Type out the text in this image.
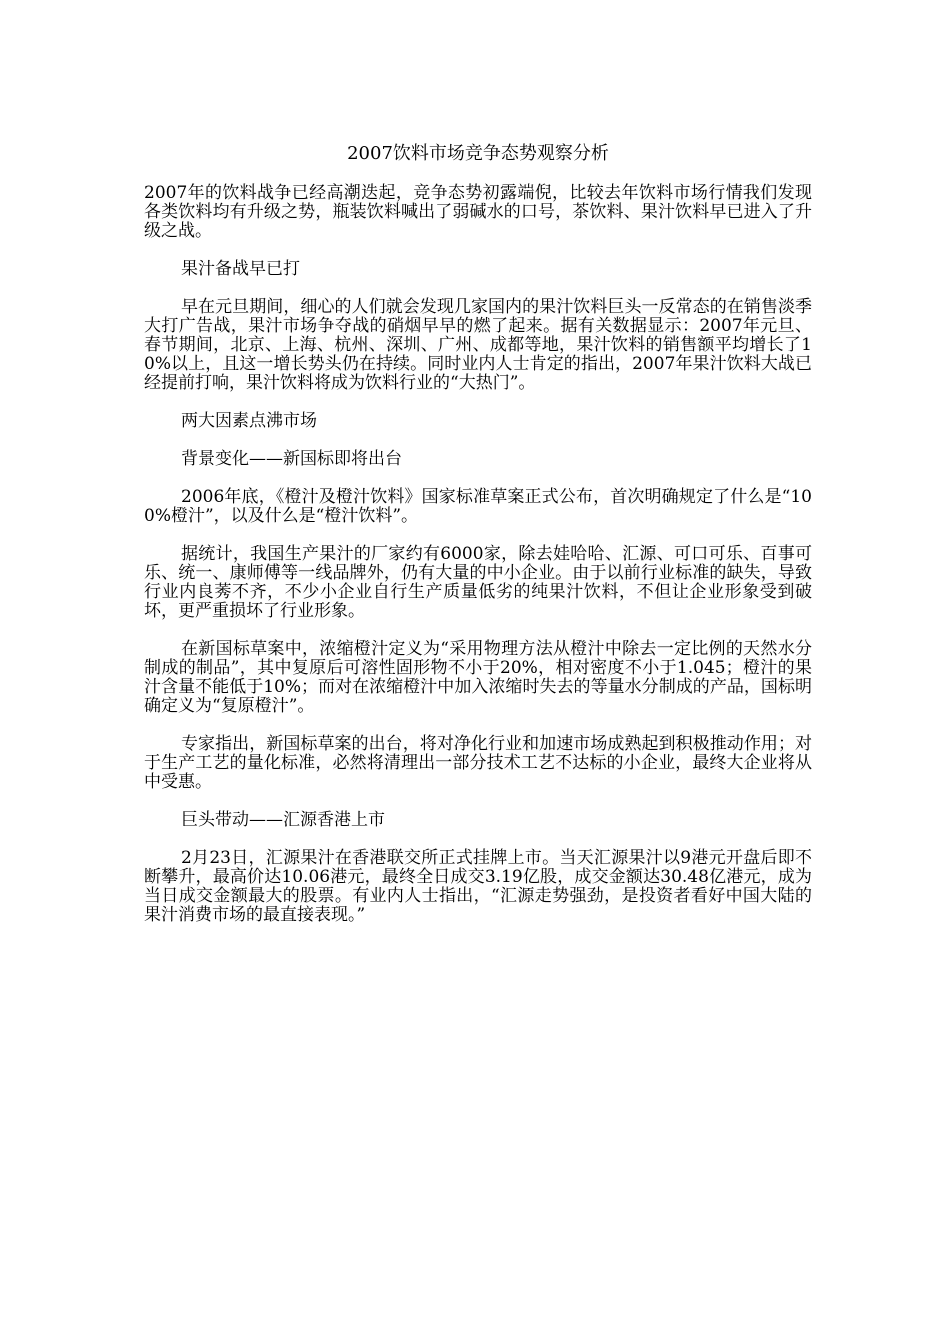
2007饮料市场竞争态势观察分析

2007年的饮料战争已经高潮迭起，竞争态势初露端倪，比较去年饮料市场行情我们发现各类饮料均有升级之势，瓶装饮料喊出了弱碱水的口号，茶饮料、果汁饮料早已进入了升级之战。

果汁备战早已打

早在元旦期间，细心的人们就会发现几家国内的果汁饮料巨头一反常态的在销售淡季大打广告战，果汁市场争夺战的硝烟早早的燃了起来。据有关数据显示：2007年元旦、春节期间，北京、上海、杭州、深圳、广州、成都等地，果汁饮料的销售额平均增长了10%以上，且这一增长势头仍在持续。同时业内人士肯定的指出，2007年果汁饮料大战已经提前打响，果汁饮料将成为饮料行业的“大热门”。

两大因素点沸市场

背景变化——新国标即将出台

2006年底，《橙汁及橙汁饮料》国家标准草案正式公布，首次明确规定了什么是“100%橙汁”，以及什么是“橙汁饮料”。

据统计，我国生产果汁的厂家约有6000家，除去娃哈哈、汇源、可口可乐、百事可乐、统一、康师傅等一线品牌外，仍有大量的中小企业。由于以前行业标准的缺失，导致行业内良莠不齐，不少小企业自行生产质量低劣的纯果汁饮料，不但让企业形象受到破坏，更严重损坏了行业形象。

在新国标草案中，浓缩橙汁定义为“采用物理方法从橙汁中除去一定比例的天然水分制成的制品”，其中复原后可溶性固形物不小于20%，相对密度不小于1.045；橙汁的果汁含量不能低于10%；而对在浓缩橙汁中加入浓缩时失去的等量水分制成的产品，国标明确定义为“复原橙汁”。

专家指出，新国标草案的出台，将对净化行业和加速市场成熟起到积极推动作用；对于生产工艺的量化标准，必然将清理出一部分技术工艺不达标的小企业，最终大企业将从中受惠。

巨头带动——汇源香港上市

2月23日，汇源果汁在香港联交所正式挂牌上市。当天汇源果汁以9港元开盘后即不断攀升，最高价达10.06港元，最终全日成交3.19亿股，成交金额达30.48亿港元，成为当日成交金额最大的股票。有业内人士指出，“汇源走势强劲，是投资者看好中国大陆的果汁消费市场的最直接表现。”
